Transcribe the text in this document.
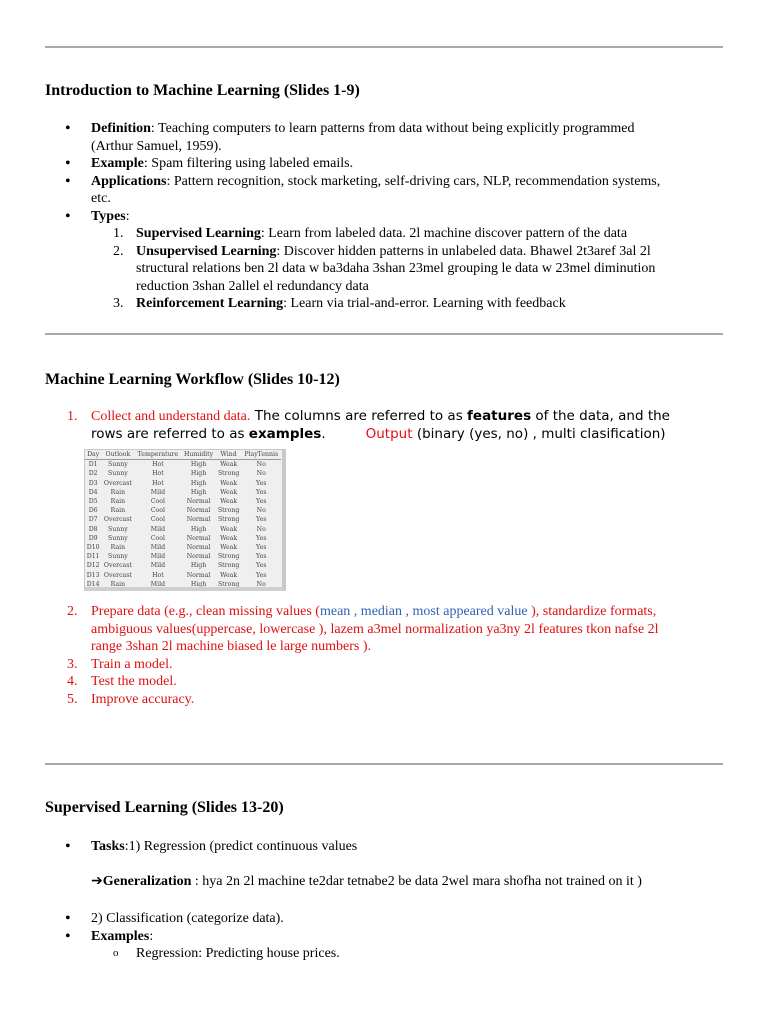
Introduction to Machine Learning (Slides 1-9)
• Definition: Teaching computers to learn patterns from data without being explicitly programmed
(Arthur Samuel, 1959).
• Example: Spam filtering using labeled emails.
• Applications: Pattern recognition, stock marketing, self-driving cars, NLP, recommendation systems,
etc.
• Types:
1. Supervised Learning: Learn from labeled data. 2l machine discover pattern of the data
2. Unsupervised Learning: Discover hidden patterns in unlabeled data. Bhawel 2t3aref 3al 2l
structural relations ben 2l data w ba3daha 3shan 23mel grouping le data w 23mel diminution
reduction 3shan 2allel el redundancy data
3. Reinforcement Learning: Learn via trial-and-error. Learning with feedback
Machine Learning Workflow (Slides 10-12)
1. Collect and understand data. The columns are referred to as features of the data, and the
rows are referred to as examples.	Output (binary (yes, no) , multi clasification)
Day	Outlook	Temperature	Humidity	Wind	PlayTennis
D1	Sunny	Hot	High	Weak	No
D2	Sunny	Hot	High	Strong	No
D3	Overcast	Hot	High	Weak	Yes
D4	Rain	Mild	High	Weak	Yes
D5	Rain	Cool	Normal	Weak	Yes
D6	Rain	Cool	Normal	Strong	No
D7	Overcast	Cool	Normal	Strong	Yes
D8	Sunny	Mild	High	Weak	No
D9	Sunny	Cool	Normal	Weak	Yes
D10	Rain	Mild	Normal	Weak	Yes
D11	Sunny	Mild	Normal	Strong	Yes
D12	Overcast	Mild	High	Strong	Yes
D13	Overcast	Hot	Normal	Weak	Yes
D14	Rain	Mild	High	Strong	No
2. Prepare data (e.g., clean missing values (mean , median , most appeared value ), standardize formats,
ambiguous values(uppercase, lowercase ), lazem a3mel normalization ya3ny 2l features tkon nafse 2l
range 3shan 2l machine biased le large numbers ).
3. Train a model.
4. Test the model.
5. Improve accuracy.
Supervised Learning (Slides 13-20)
• Tasks:1) Regression (predict continuous values
➔Generalization : hya 2n 2l machine te2dar tetnabe2 be data 2wel mara shofha not trained on it )
• 2) Classification (categorize data).
• Examples:
o Regression: Predicting house prices.
